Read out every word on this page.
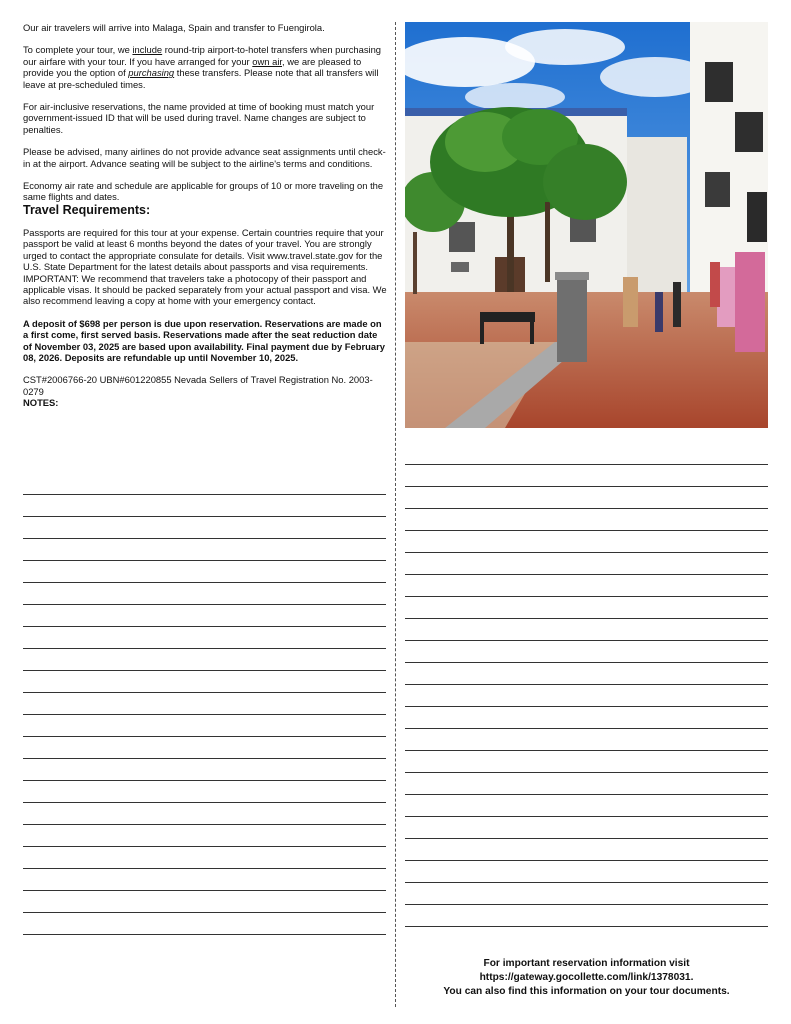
Our air travelers will arrive into Malaga, Spain and transfer to Fuengirola.

To complete your tour, we include round-trip airport-to-hotel transfers when purchasing our airfare with your tour. If you have arranged for your own air, we are pleased to provide you the option of purchasing these transfers. Please note that all transfers will leave at pre-scheduled times.

For air-inclusive reservations, the name provided at time of booking must match your government-issued ID that will be used during travel. Name changes are subject to penalties.

Please be advised, many airlines do not provide advance seat assignments until check-in at the airport. Advance seating will be subject to the airline's terms and conditions.

Economy air rate and schedule are applicable for groups of 10 or more traveling on the same flights and dates.

Travel Requirements:

Passports are required for this tour at your expense. Certain countries require that your passport be valid at least 6 months beyond the dates of your travel. You are strongly urged to contact the appropriate consulate for details. Visit www.travel.state.gov for the U.S. State Department for the latest details about passports and visa requirements.

IMPORTANT: We recommend that travelers take a photocopy of their passport and applicable visas. It should be packed separately from your actual passport and visa. We also recommend leaving a copy at home with your emergency contact.

A deposit of $698 per person is due upon reservation. Reservations are made on a first come, first served basis. Reservations made after the seat reduction date of November 03, 2025 are based upon availability. Final payment due by February 08, 2026. Deposits are refundable up until November 10, 2025.

CST#2006766-20 UBN#601220855 Nevada Sellers of Travel Registration No. 2003-0279

NOTES:

For important reservation information visit
https://gateway.gocollette.com/link/1378031.
You can also find this information on your tour documents.
